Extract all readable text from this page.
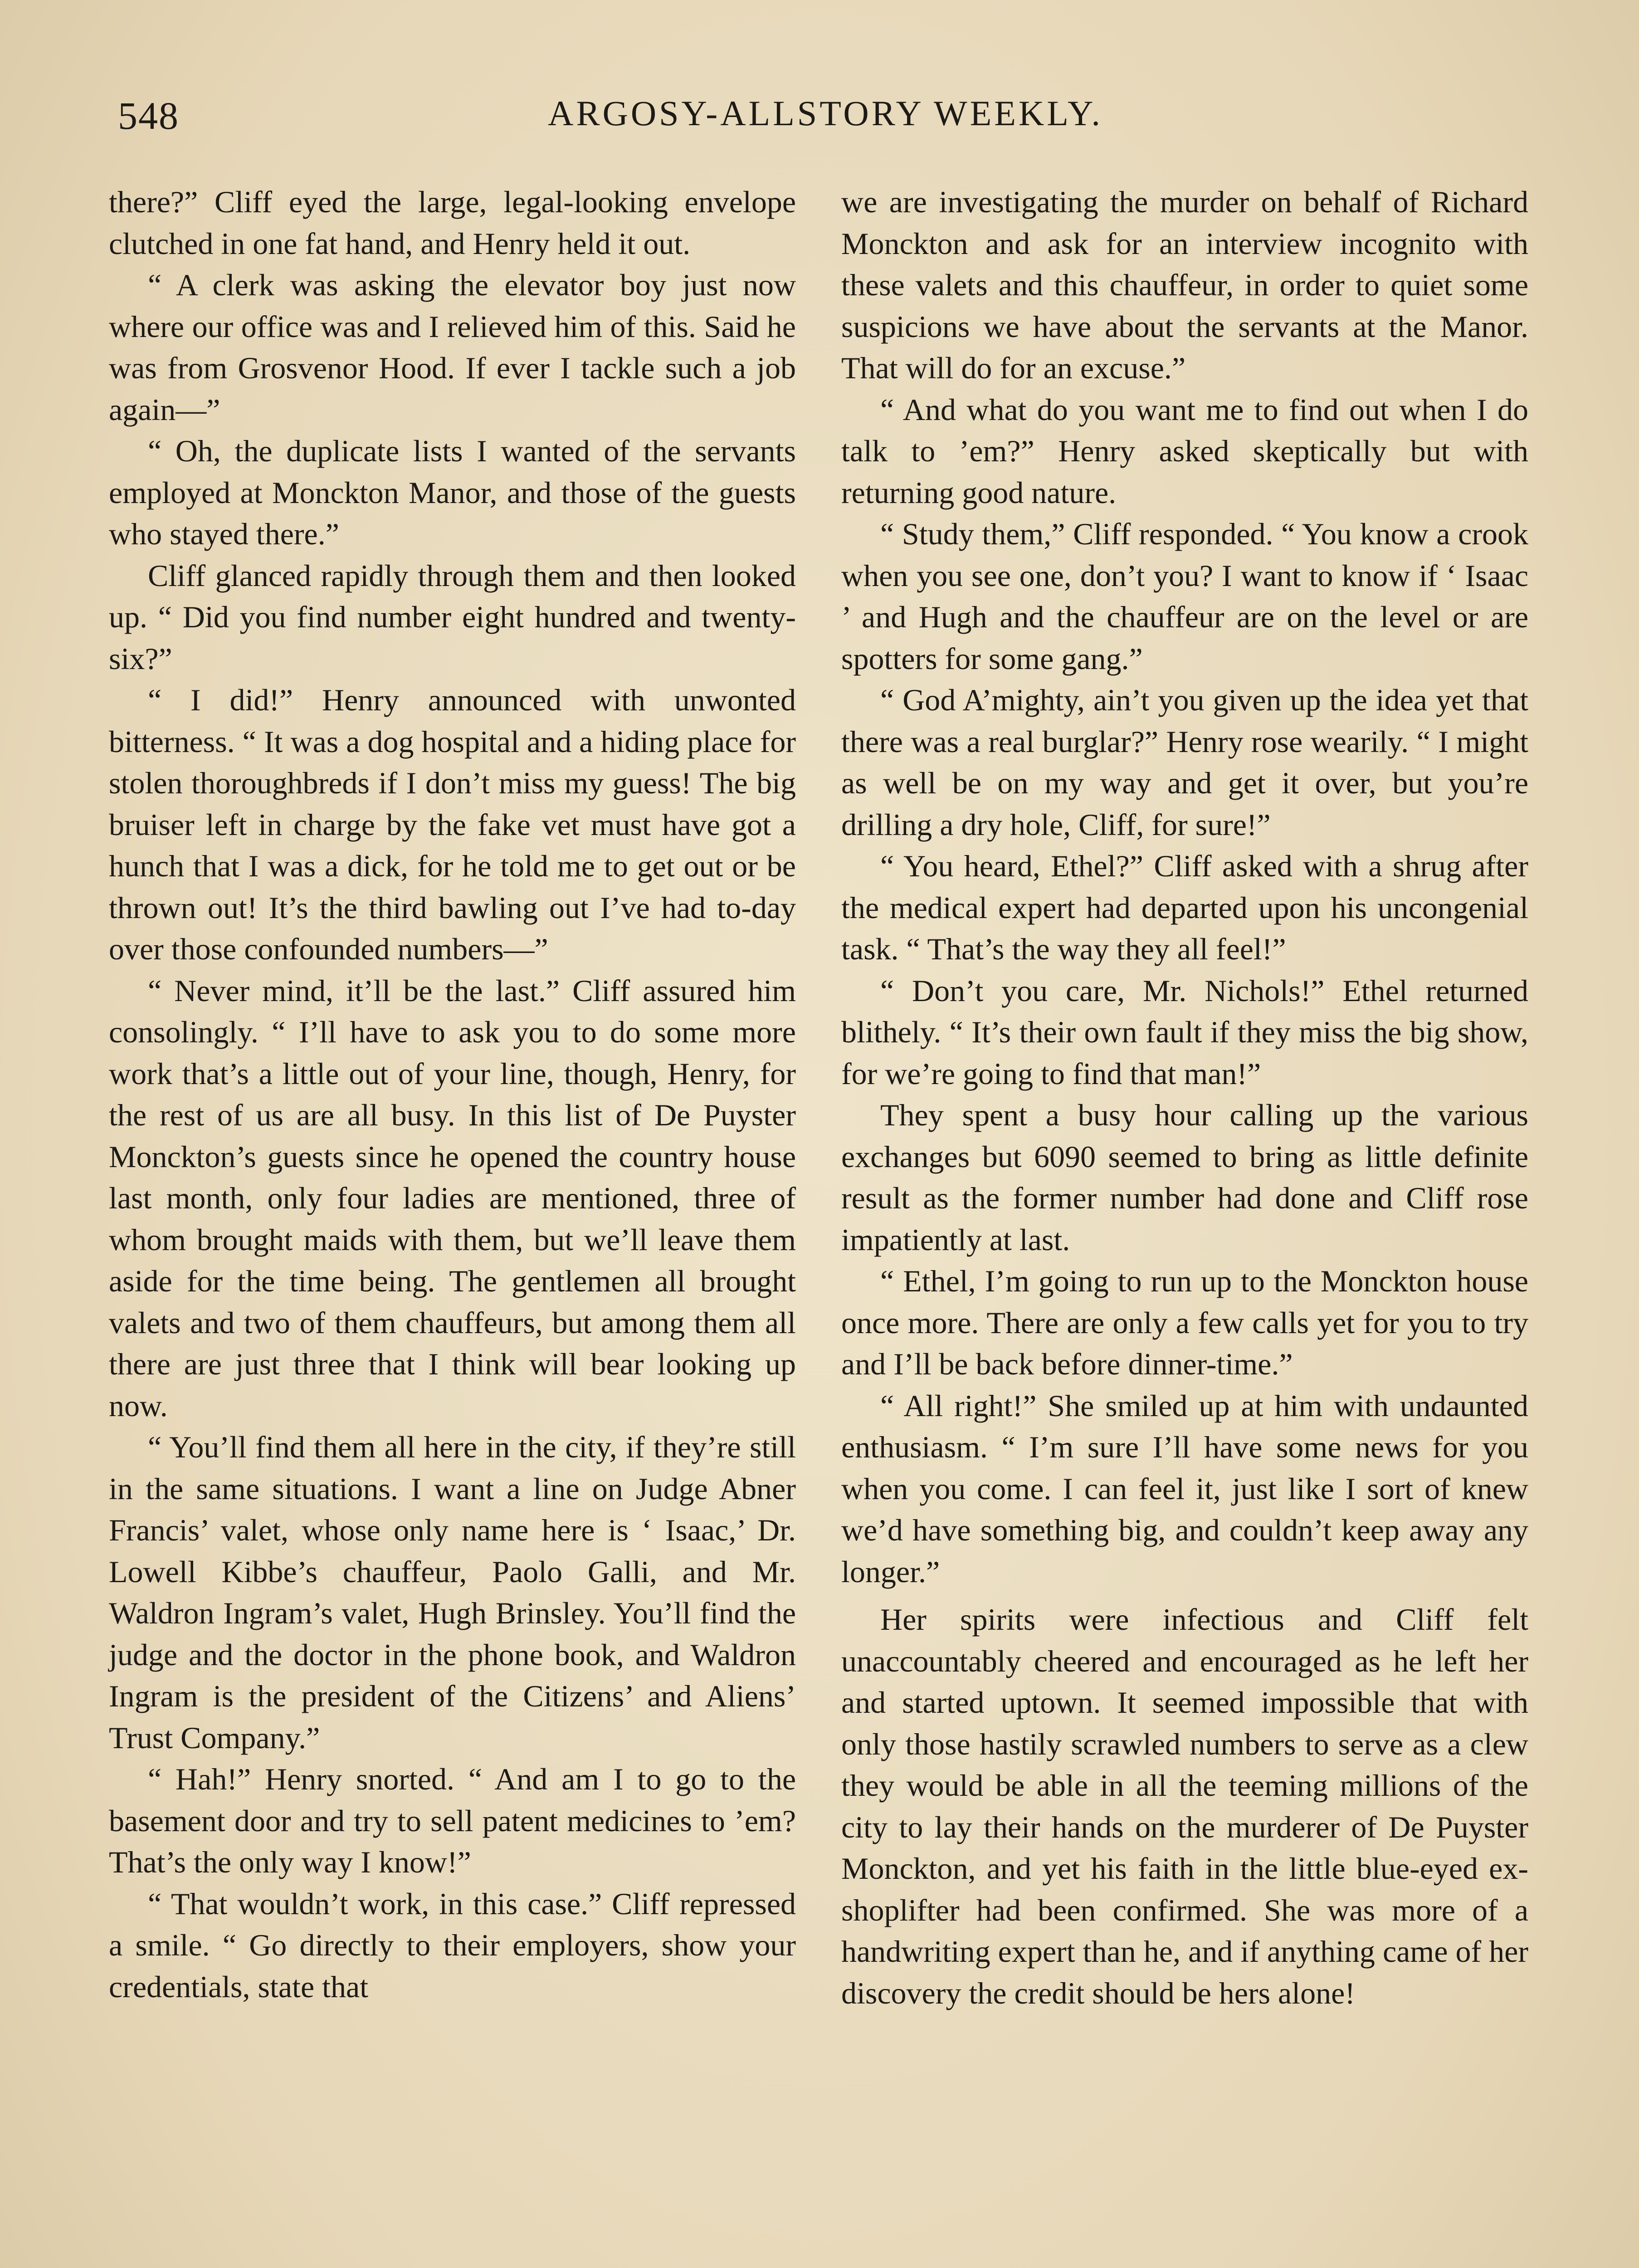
548	ARGOSY-ALLSTORY WEEKLY.

there?” Cliff eyed the large, legal-looking envelope clutched in one fat hand, and Henry held it out.

“ A clerk was asking the elevator boy just now where our office was and I relieved him of this. Said he was from Grosvenor Hood. If ever I tackle such a job again—”

“ Oh, the duplicate lists I wanted of the servants employed at Monckton Manor, and those of the guests who stayed there.”

Cliff glanced rapidly through them and then looked up. “ Did you find number eight hundred and twenty-six?”

“ I did!” Henry announced with unwonted bitterness. “ It was a dog hospital and a hiding place for stolen thoroughbreds if I don’t miss my guess! The big bruiser left in charge by the fake vet must have got a hunch that I was a dick, for he told me to get out or be thrown out! It’s the third bawling out I’ve had to-day over those confounded numbers—”

“ Never mind, it’ll be the last.” Cliff assured him consolingly. “ I’ll have to ask you to do some more work that’s a little out of your line, though, Henry, for the rest of us are all busy. In this list of De Puyster Monckton’s guests since he opened the country house last month, only four ladies are mentioned, three of whom brought maids with them, but we’ll leave them aside for the time being. The gentlemen all brought valets and two of them chauffeurs, but among them all there are just three that I think will bear looking up now.

“ You’ll find them all here in the city, if they’re still in the same situations. I want a line on Judge Abner Francis’ valet, whose only name here is ‘ Isaac,’ Dr. Lowell Kibbe’s chauffeur, Paolo Galli, and Mr. Waldron Ingram’s valet, Hugh Brinsley. You’ll find the judge and the doctor in the phone book, and Waldron Ingram is the president of the Citizens’ and Aliens’ Trust Company.”

“ Hah!” Henry snorted. “ And am I to go to the basement door and try to sell patent medicines to ’em? That’s the only way I know!”

“ That wouldn’t work, in this case.” Cliff repressed a smile. “ Go directly to their employers, show your credentials, state that

we are investigating the murder on behalf of Richard Monckton and ask for an interview incognito with these valets and this chauffeur, in order to quiet some suspicions we have about the servants at the Manor. That will do for an excuse.”

“ And what do you want me to find out when I do talk to ’em?” Henry asked skeptically but with returning good nature.

“ Study them,” Cliff responded. “ You know a crook when you see one, don’t you? I want to know if ‘ Isaac ’ and Hugh and the chauffeur are on the level or are spotters for some gang.”

“ God A’mighty, ain’t you given up the idea yet that there was a real burglar?” Henry rose wearily. “ I might as well be on my way and get it over, but you’re drilling a dry hole, Cliff, for sure!”

“ You heard, Ethel?” Cliff asked with a shrug after the medical expert had departed upon his uncongenial task. “ That’s the way they all feel!”

“ Don’t you care, Mr. Nichols!” Ethel returned blithely. “ It’s their own fault if they miss the big show, for we’re going to find that man!”

They spent a busy hour calling up the various exchanges but 6090 seemed to bring as little definite result as the former number had done and Cliff rose impatiently at last.

“ Ethel, I’m going to run up to the Monckton house once more. There are only a few calls yet for you to try and I’ll be back before dinner-time.”

“ All right!” She smiled up at him with undaunted enthusiasm. “ I’m sure I’ll have some news for you when you come. I can feel it, just like I sort of knew we’d have something big, and couldn’t keep away any longer.”

Her spirits were infectious and Cliff felt unaccountably cheered and encouraged as he left her and started uptown. It seemed impossible that with only those hastily scrawled numbers to serve as a clew they would be able in all the teeming millions of the city to lay their hands on the murderer of De Puyster Monckton, and yet his faith in the little blue-eyed ex-shoplifter had been confirmed. She was more of a handwriting expert than he, and if anything came of her discovery the credit should be hers alone!
